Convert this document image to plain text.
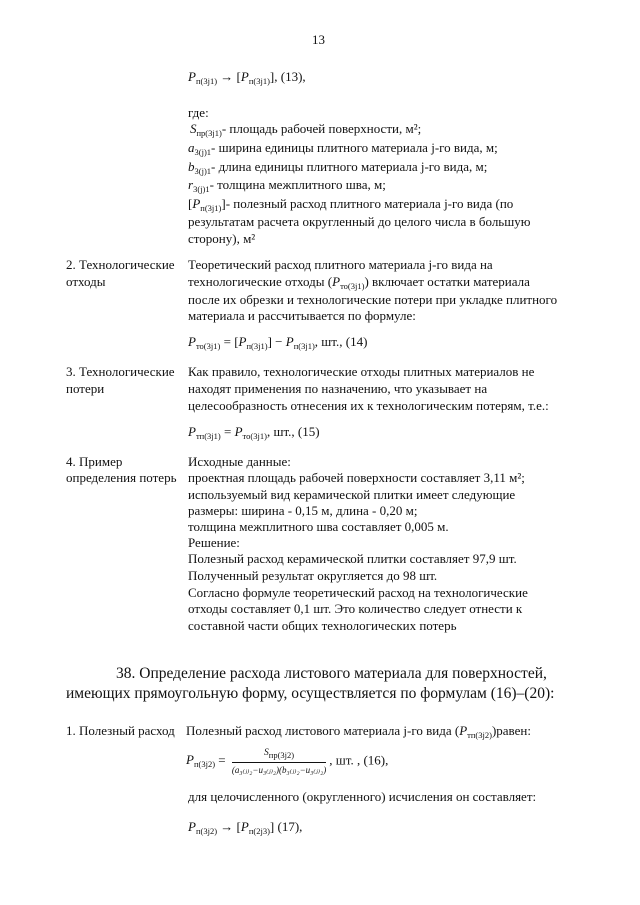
13
$P_{п(3j1)} \to [P_{п(3j1)}]$, (13),
где:
$S_{пр(3j1)}-$ площадь рабочей поверхности, м²;
$a_{3(j)1}-$ ширина единицы плитного материала j-го вида, м;
$b_{3(j)1}-$ длина единицы плитного материала j-го вида, м;
$r_{3(j)1}-$ толщина межплитного шва, м;
$[P_{п(3j1)}]-$ полезный расход плитного материала j-го вида (по
результатам расчета округленный до целого числа в большую
сторону), м²
2. Технологические
отходы
Теоретический расход плитного материала j-го вида на
технологические отходы $(P_{то(3j1)})$ включает остатки материала
после их обрезки и технологические потери при укладке плитного
материала и рассчитывается по формуле:
$P_{то(3j1)} = [P_{п(3j1)}] - P_{п(3j1)}$, шт., (14)
3. Технологические
потери
Как правило, технологические отходы плитных материалов не
находят применения по назначению, что указывает на
целесообразность отнесения их к технологическим потерям, т.е.:
$P_{тп(3j1)} = P_{то(3j1)}$, шт., (15)
4. Пример
определения потерь
Исходные данные:
проектная площадь рабочей поверхности составляет 3,11 м²;
используемый вид керамической плитки имеет следующие
размеры: ширина - 0,15 м, длина - 0,20 м;
толщина межплитного шва составляет 0,005 м.
Решение:
Полезный расход керамической плитки составляет 97,9 шт.
Полученный результат округляется до 98 шт.
Согласно формуле теоретический расход на технологические
отходы составляет 0,1 шт. Это количество следует отнести к
составной части общих технологических потерь
38. Определение расхода листового материала для поверхностей,
имеющих прямоугольную форму, осуществляется по формулам (16)–(20):
1. Полезный расход Полезный расход листового материала j-го вида $(P_{тп(3j2)})равен$:
$P_{п(3j2)} = \frac{S_{пр(3j2)}}{\text{(a₃₍ⱼ₎₂−u₃₍ⱼ₎₂)(b₃₍ⱼ₎₂−u₃₍ⱼ₎₂)}}$ , шт. , (16),
для целочисленного (округленного) исчисления он составляет:
$P_{п(3j2)} \to [P_{п(2j3)}]$ (17),
